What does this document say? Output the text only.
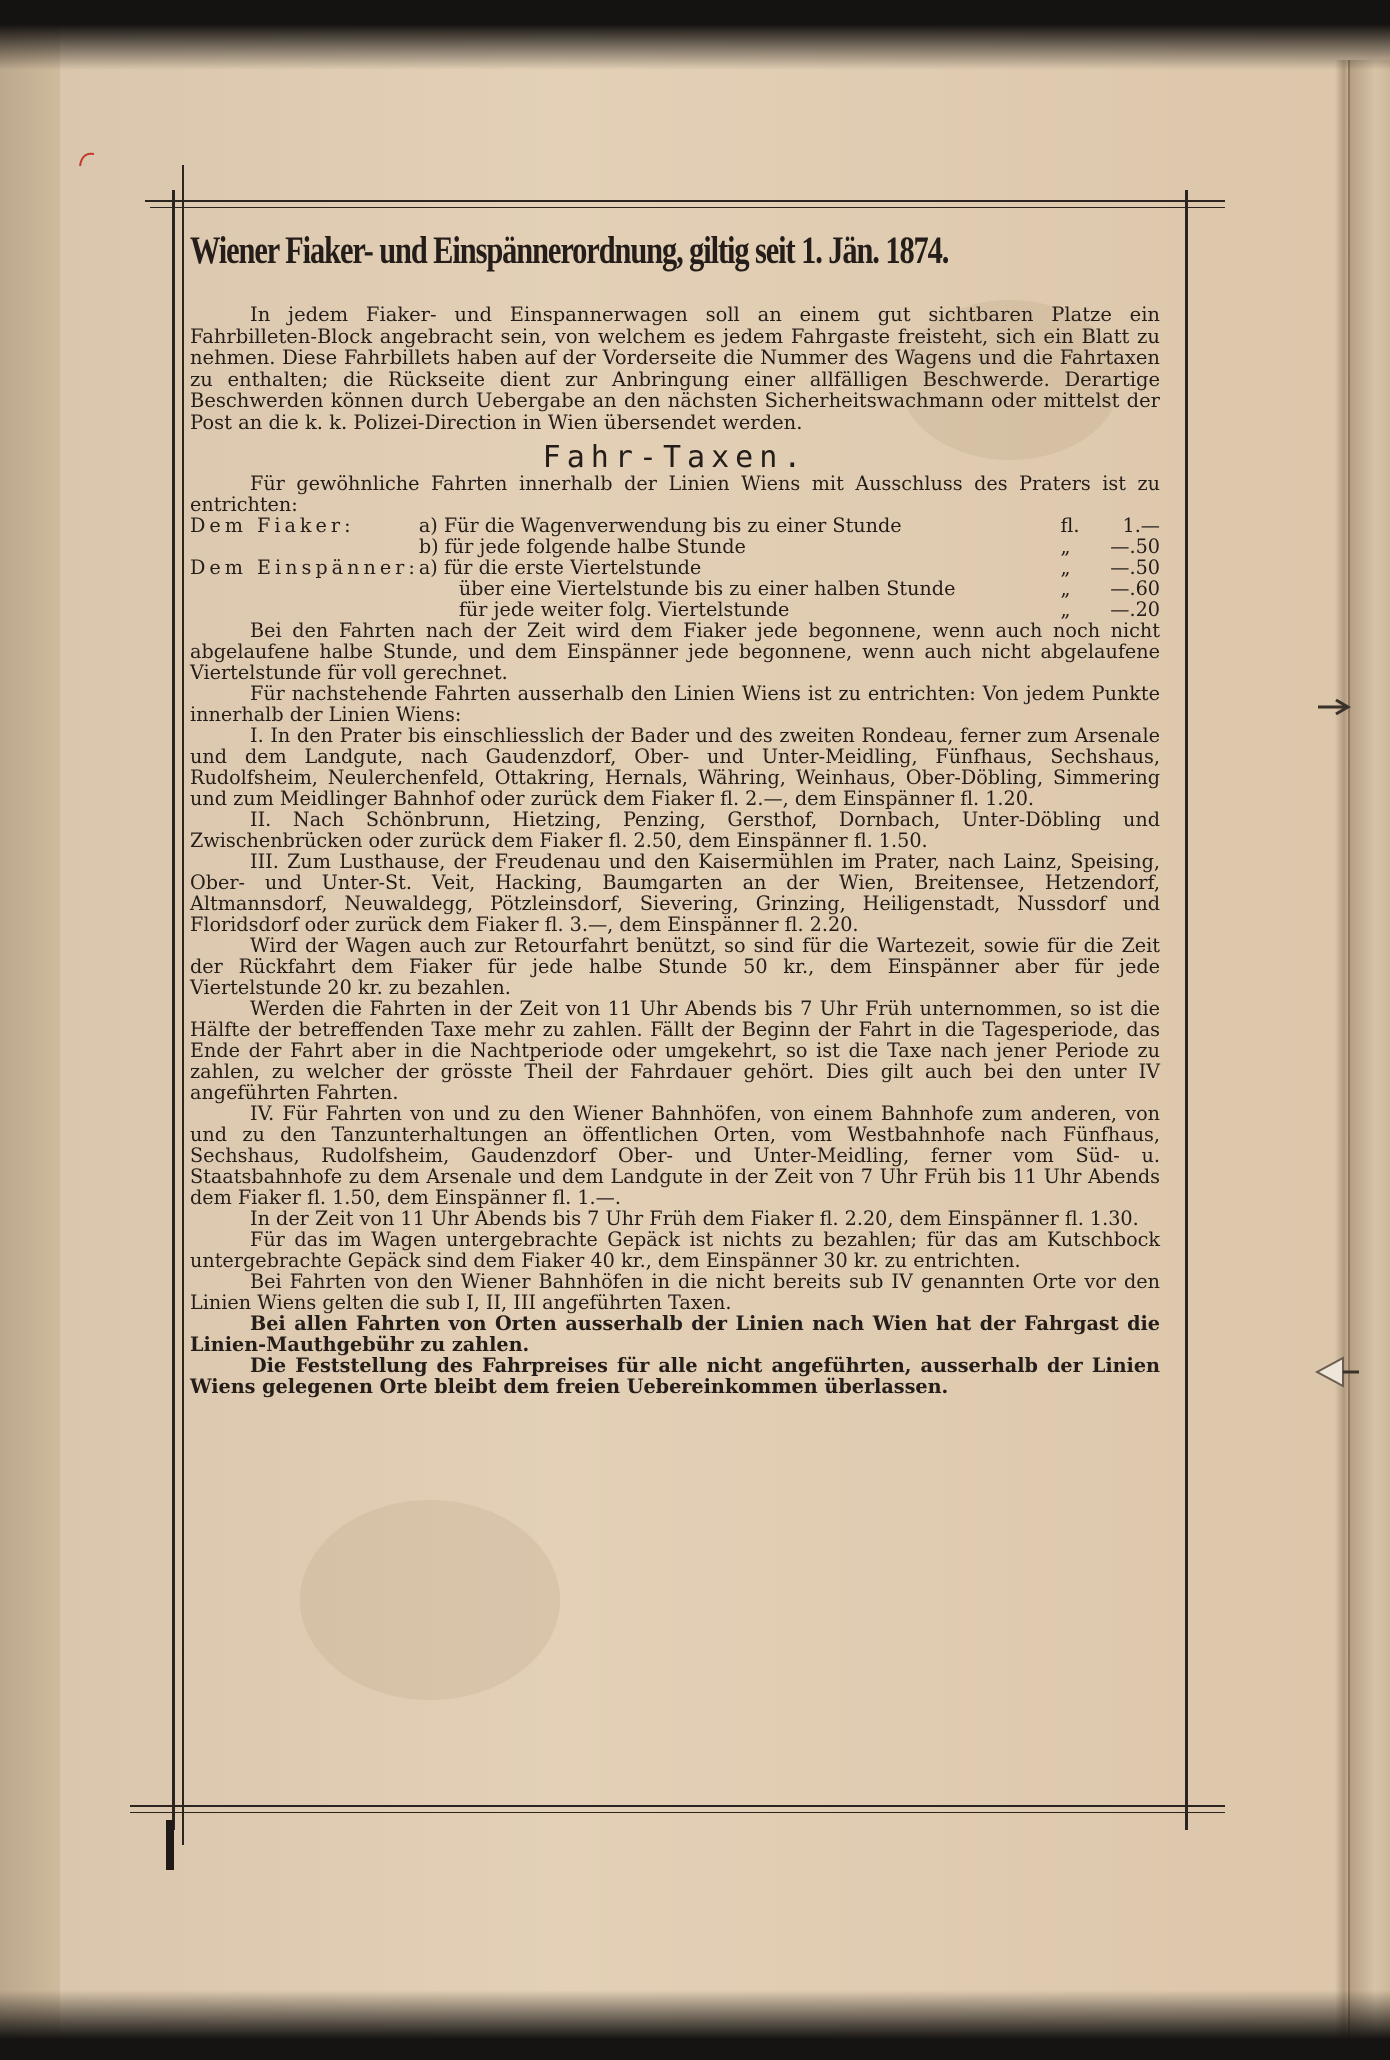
Wiener Fiaker- und Einspännerordnung, giltig seit 1. Jän. 1874.

In jedem Fiaker- und Einspannerwagen soll an einem gut sichtbaren Platze ein Fahrbilleten-Block angebracht sein, von welchem es jedem Fahrgaste freisteht, sich ein Blatt zu nehmen. Diese Fahrbillets haben auf der Vorderseite die Nummer des Wagens und die Fahrtaxen zu enthalten; die Rückseite dient zur Anbringung einer allfälligen Beschwerde. Derartige Beschwerden können durch Uebergabe an den nächsten Sicherheitswachmann oder mittelst der Post an die k. k. Polizei-Direction in Wien übersendet werden.

Fahr-Taxen.

Für gewöhnliche Fahrten innerhalb der Linien Wiens mit Ausschluss des Praters ist zu entrichten:

Dem Fiaker:	a) Für die Wagenverwendung bis zu einer Stunde	fl.	1.—
	b) für jede folgende halbe Stunde	„	—.50
Dem Einspänner:	a) für die erste Viertelstunde	„	—.50
	über eine Viertelstunde bis zu einer halben Stunde	„	—.60
	für jede weiter folg. Viertelstunde	„	—.20

Bei den Fahrten nach der Zeit wird dem Fiaker jede begonnene, wenn auch noch nicht abgelaufene halbe Stunde, und dem Einspänner jede begonnene, wenn auch nicht abgelaufene Viertelstunde für voll gerechnet.

Für nachstehende Fahrten ausserhalb den Linien Wiens ist zu entrichten: Von jedem Punkte innerhalb der Linien Wiens:

I. In den Prater bis einschliesslich der Bader und des zweiten Rondeau, ferner zum Arsenale und dem Landgute, nach Gaudenzdorf, Ober- und Unter-Meidling, Fünfhaus, Sechshaus, Rudolfsheim, Neulerchenfeld, Ottakring, Hernals, Währing, Weinhaus, Ober-Döbling, Simmering und zum Meidlinger Bahnhof oder zurück dem Fiaker fl. 2.—, dem Einspänner fl. 1.20.

II. Nach Schönbrunn, Hietzing, Penzing, Gersthof, Dornbach, Unter-Döbling und Zwischenbrücken oder zurück dem Fiaker fl. 2.50, dem Einspänner fl. 1.50.

III. Zum Lusthause, der Freudenau und den Kaisermühlen im Prater, nach Lainz, Speising, Ober- und Unter-St. Veit, Hacking, Baumgarten an der Wien, Breitensee, Hetzendorf, Altmannsdorf, Neuwaldegg, Pötzleinsdorf, Sievering, Grinzing, Heiligenstadt, Nussdorf und Floridsdorf oder zurück dem Fiaker fl. 3.—, dem Einspänner fl. 2.20.

Wird der Wagen auch zur Retourfahrt benützt, so sind für die Wartezeit, sowie für die Zeit der Rückfahrt dem Fiaker für jede halbe Stunde 50 kr., dem Einspänner aber für jede Viertelstunde 20 kr. zu bezahlen.

Werden die Fahrten in der Zeit von 11 Uhr Abends bis 7 Uhr Früh unternommen, so ist die Hälfte der betreffenden Taxe mehr zu zahlen. Fällt der Beginn der Fahrt in die Tagesperiode, das Ende der Fahrt aber in die Nachtperiode oder umgekehrt, so ist die Taxe nach jener Periode zu zahlen, zu welcher der grösste Theil der Fahrdauer gehört. Dies gilt auch bei den unter IV angeführten Fahrten.

IV. Für Fahrten von und zu den Wiener Bahnhöfen, von einem Bahnhofe zum anderen, von und zu den Tanzunterhaltungen an öffentlichen Orten, vom Westbahnhofe nach Fünfhaus, Sechshaus, Rudolfsheim, Gaudenzdorf Ober- und Unter-Meidling, ferner vom Süd- u. Staatsbahnhofe zu dem Arsenale und dem Landgute in der Zeit von 7 Uhr Früh bis 11 Uhr Abends dem Fiaker fl. 1.50, dem Einspänner fl. 1.—.

In der Zeit von 11 Uhr Abends bis 7 Uhr Früh dem Fiaker fl. 2.20, dem Einspänner fl. 1.30.

Für das im Wagen untergebrachte Gepäck ist nichts zu bezahlen; für das am Kutschbock untergebrachte Gepäck sind dem Fiaker 40 kr., dem Einspänner 30 kr. zu entrichten.

Bei Fahrten von den Wiener Bahnhöfen in die nicht bereits sub IV genannten Orte vor den Linien Wiens gelten die sub I, II, III angeführten Taxen.

Bei allen Fahrten von Orten ausserhalb der Linien nach Wien hat der Fahrgast die Linien-Mauthgebühr zu zahlen.

Die Feststellung des Fahrpreises für alle nicht angeführten, ausserhalb der Linien Wiens gelegenen Orte bleibt dem freien Uebereinkommen überlassen.
